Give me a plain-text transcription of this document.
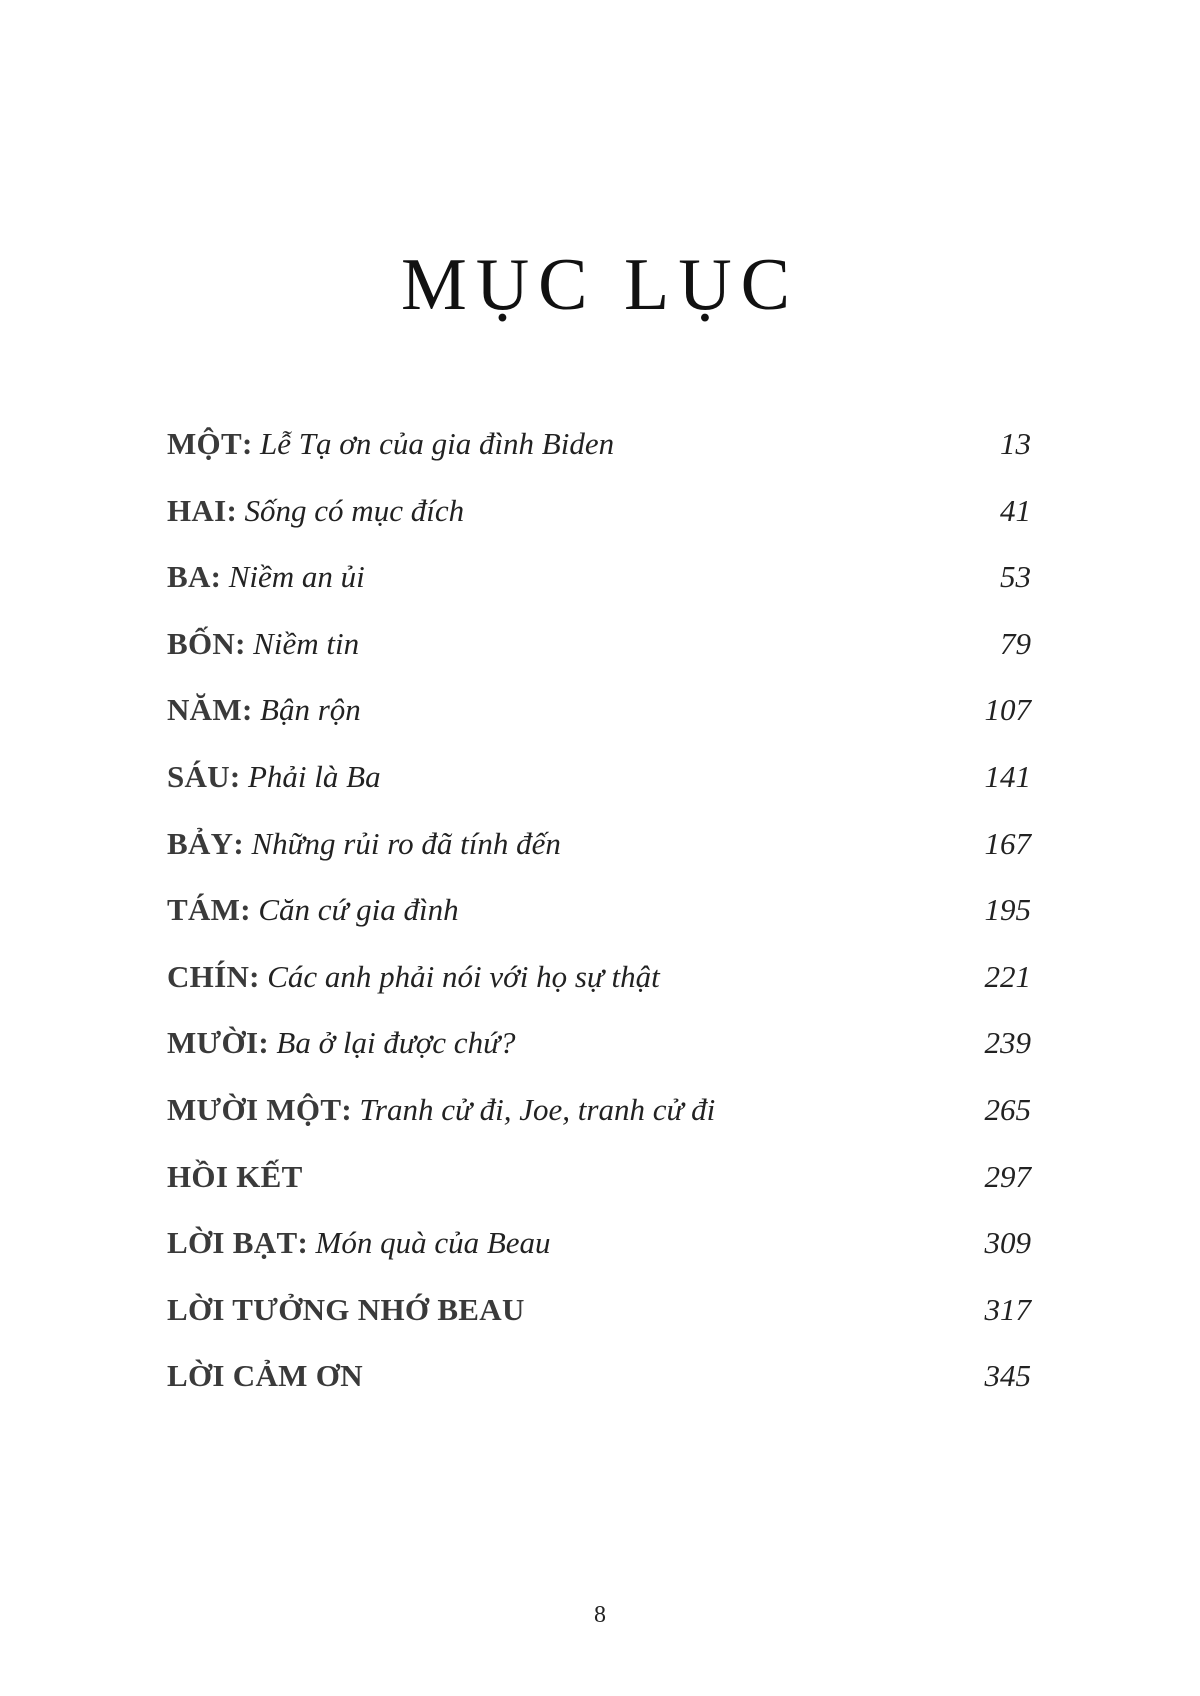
MỤC LỤC
MỘT: Lễ Tạ ơn của gia đình Biden	13
HAI: Sống có mục đích	41
BA: Niềm an ủi	53
BỐN: Niềm tin	79
NĂM: Bận rộn	107
SÁU: Phải là Ba	141
BẢY: Những rủi ro đã tính đến	167
TÁM: Căn cứ gia đình	195
CHÍN: Các anh phải nói với họ sự thật	221
MƯỜI: Ba ở lại được chứ?	239
MƯỜI MỘT: Tranh cử đi, Joe, tranh cử đi	265
HỒI KẾT	297
LỜI BẠT: Món quà của Beau	309
LỜI TƯỞNG NHỚ BEAU	317
LỜI CẢM ƠN	345
8
